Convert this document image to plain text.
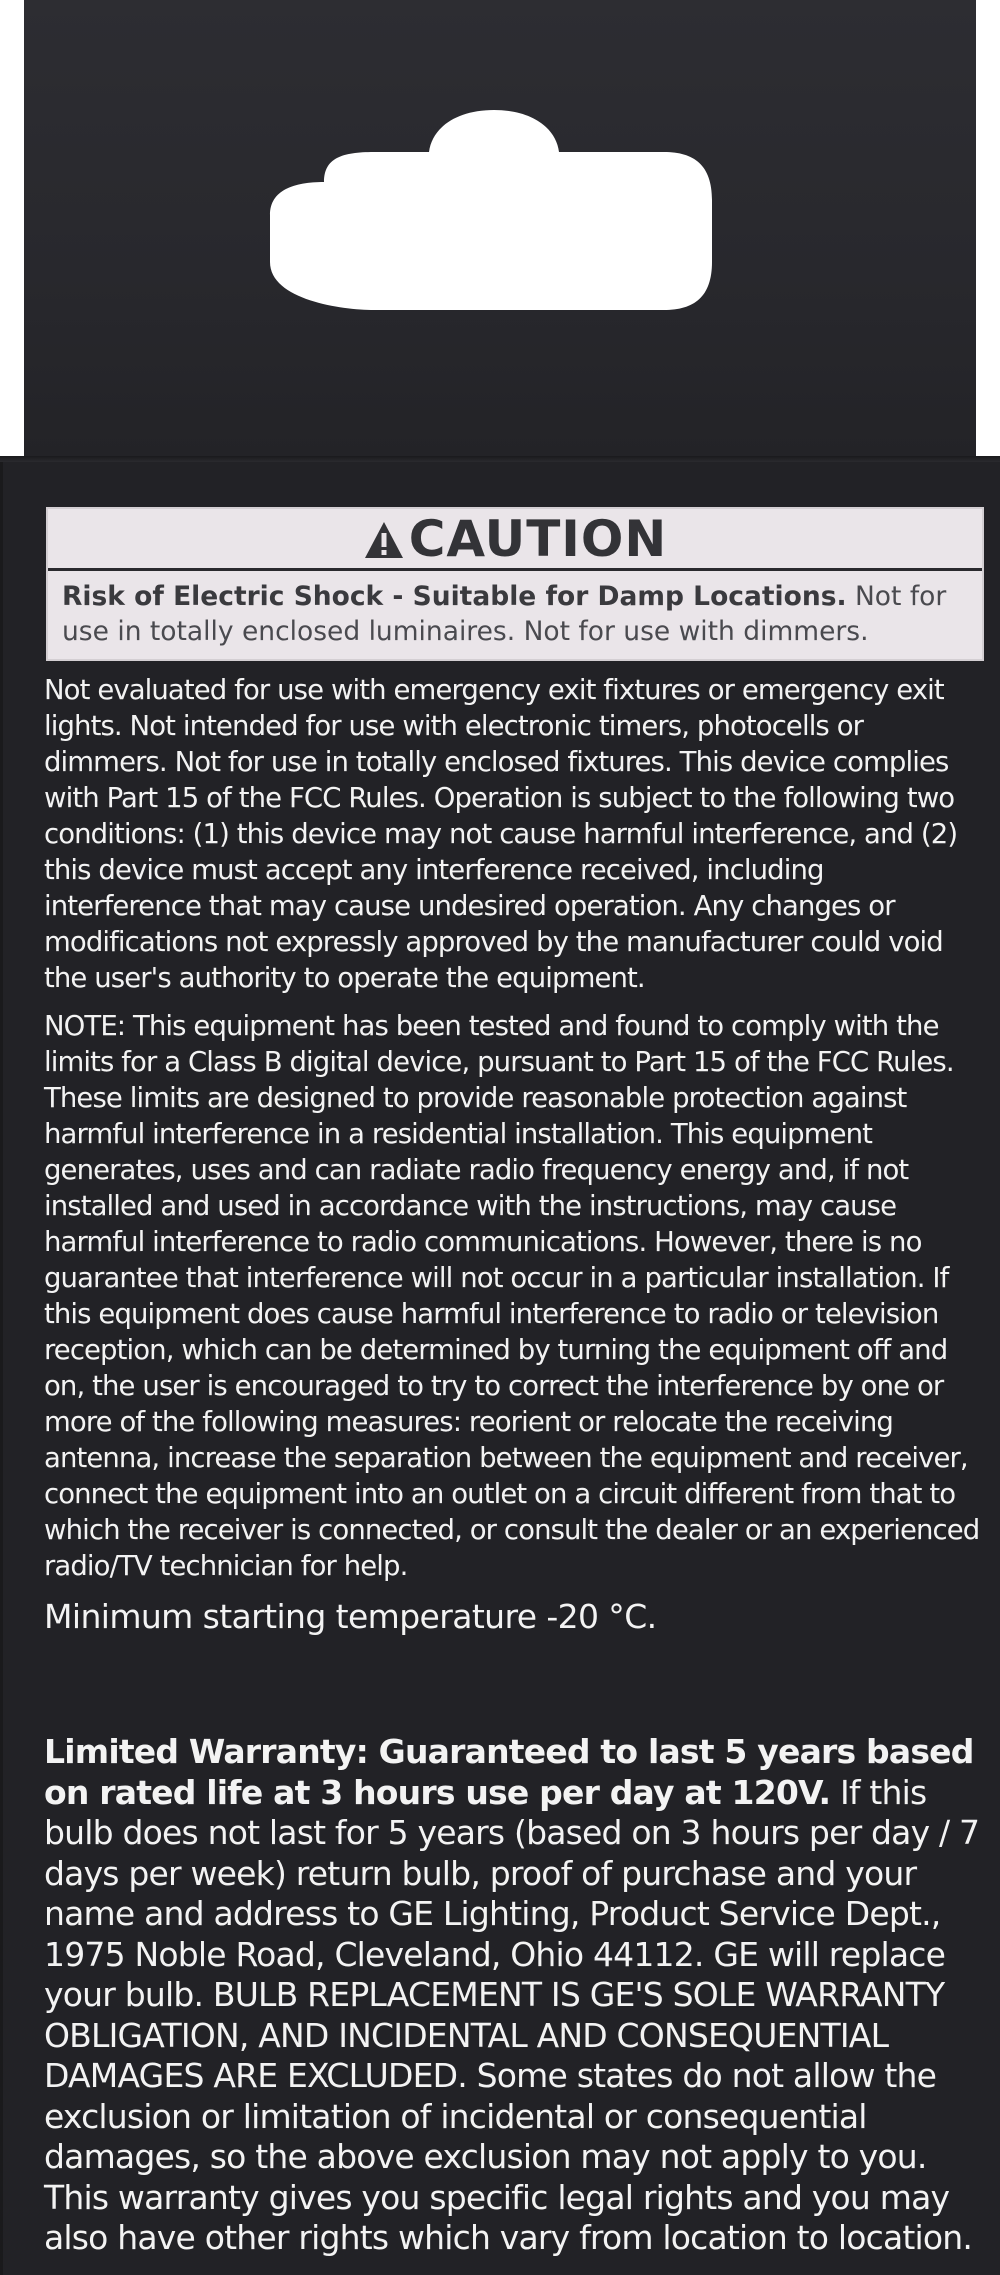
CAUTION
Risk of Electric Shock - Suitable for Damp Locations. Not for use in totally enclosed luminaires. Not for use with dimmers.
Not evaluated for use with emergency exit fixtures or emergency exit lights. Not intended for use with electronic timers, photocells or dimmers. Not for use in totally enclosed fixtures. This device complies with Part 15 of the FCC Rules. Operation is subject to the following two conditions: (1) this device may not cause harmful interference, and (2) this device must accept any interference received, including interference that may cause undesired operation. Any changes or modifications not expressly approved by the manufacturer could void the user's authority to operate the equipment.
NOTE: This equipment has been tested and found to comply with the limits for a Class B digital device, pursuant to Part 15 of the FCC Rules. These limits are designed to provide reasonable protection against harmful interference in a residential installation. This equipment generates, uses and can radiate radio frequency energy and, if not installed and used in accordance with the instructions, may cause harmful interference to radio communications. However, there is no guarantee that interference will not occur in a particular installation. If this equipment does cause harmful interference to radio or television reception, which can be determined by turning the equipment off and on, the user is encouraged to try to correct the interference by one or more of the following measures: reorient or relocate the receiving antenna, increase the separation between the equipment and receiver, connect the equipment into an outlet on a circuit different from that to which the receiver is connected, or consult the dealer or an experienced radio/TV technician for help.
Minimum starting temperature -20 °C.
Limited Warranty: Guaranteed to last 5 years based on rated life at 3 hours use per day at 120V. If this bulb does not last for 5 years (based on 3 hours per day / 7 days per week) return bulb, proof of purchase and your name and address to GE Lighting, Product Service Dept., 1975 Noble Road, Cleveland, Ohio 44112. GE will replace your bulb. BULB REPLACEMENT IS GE'S SOLE WARRANTY OBLIGATION, AND INCIDENTAL AND CONSEQUENTIAL DAMAGES ARE EXCLUDED. Some states do not allow the exclusion or limitation of incidental or consequential damages, so the above exclusion may not apply to you. This warranty gives you specific legal rights and you may also have other rights which vary from location to location.
